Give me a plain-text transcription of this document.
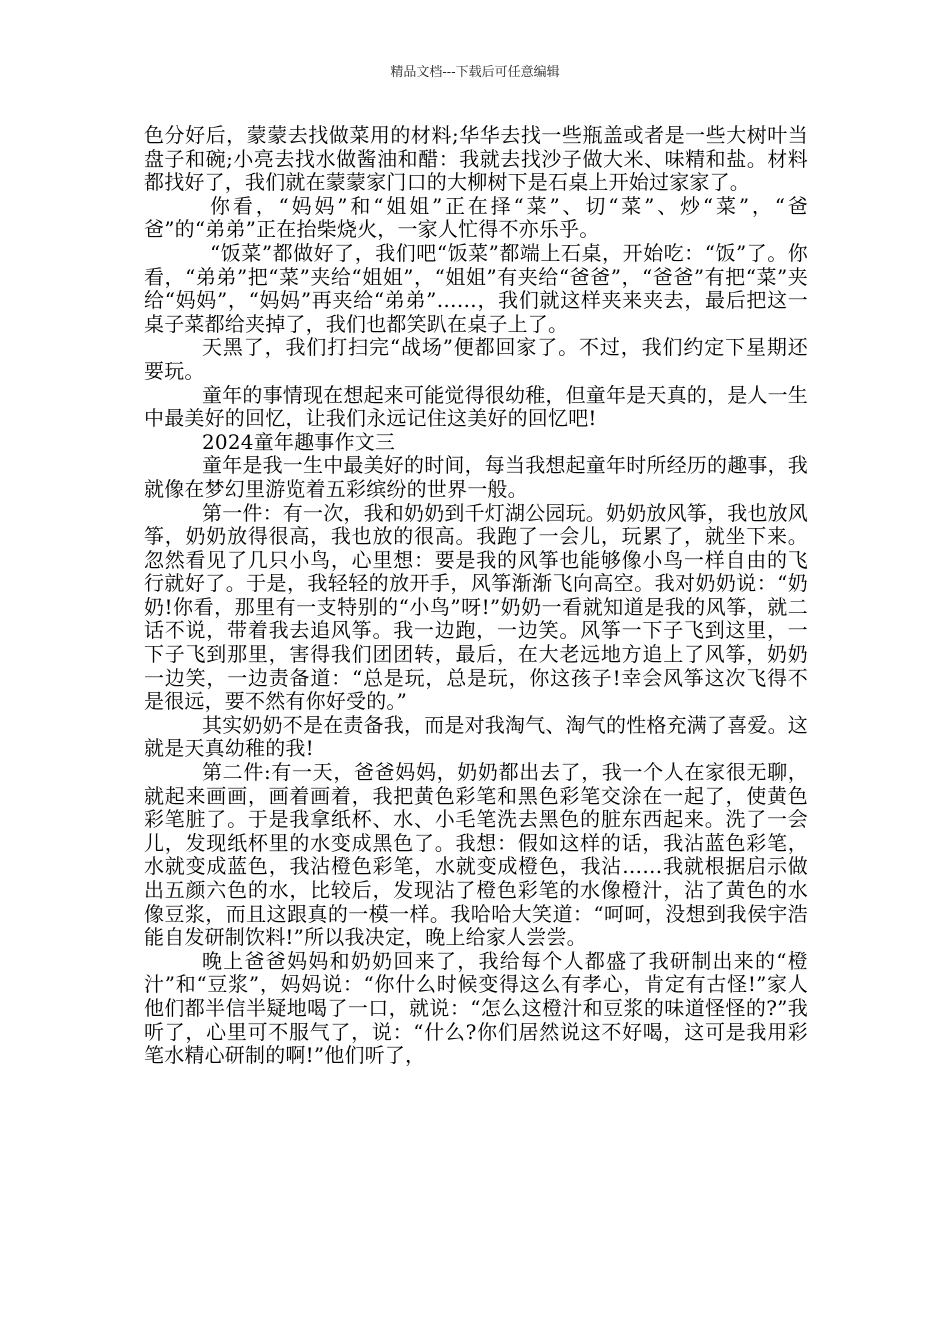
精品文档---下载后可任意编辑

色分好后，蒙蒙去找做菜用的材料;华华去找一些瓶盖或者是一些大树叶当盘子和碗;小亮去找水做酱油和醋：我就去找沙子做大米、味精和盐。材料都找好了，我们就在蒙蒙家门口的大柳树下是石桌上开始过家家了。

你看，“妈妈”和“姐姐”正在择“菜”、切“菜”、炒“菜”，“爸爸”的“弟弟”正在抬柴烧火，一家人忙得不亦乐乎。

“饭菜”都做好了，我们吧“饭菜”都端上石桌，开始吃：“饭”了。你看，“弟弟”把“菜”夹给“姐姐”，“姐姐”有夹给“爸爸”，“爸爸”有把“菜”夹给“妈妈”，“妈妈”再夹给“弟弟”……，我们就这样夹来夹去，最后把这一桌子菜都给夹掉了，我们也都笑趴在桌子上了。

天黑了，我们打扫完“战场”便都回家了。不过，我们约定下星期还要玩。

童年的事情现在想起来可能觉得很幼稚，但童年是天真的，是人一生中最美好的回忆，让我们永远记住这美好的回忆吧!

2024童年趣事作文三

童年是我一生中最美好的时间，每当我想起童年时所经历的趣事，我就像在梦幻里游览着五彩缤纷的世界一般。

第一件：有一次，我和奶奶到千灯湖公园玩。奶奶放风筝，我也放风筝，奶奶放得很高，我也放的很高。我跑了一会儿，玩累了，就坐下来。忽然看见了几只小鸟，心里想：要是我的风筝也能够像小鸟一样自由的飞行就好了。于是，我轻轻的放开手，风筝渐渐飞向高空。我对奶奶说：“奶奶!你看，那里有一支特别的“小鸟”呀!”奶奶一看就知道是我的风筝，就二话不说，带着我去追风筝。我一边跑，一边笑。风筝一下子飞到这里，一下子飞到那里，害得我们团团转，最后，在大老远地方追上了风筝，奶奶一边笑，一边责备道：“总是玩，总是玩，你这孩子!幸会风筝这次飞得不是很远，要不然有你好受的。”

其实奶奶不是在责备我，而是对我淘气、淘气的性格充满了喜爱。这就是天真幼稚的我!

第二件:有一天，爸爸妈妈，奶奶都出去了，我一个人在家很无聊，就起来画画，画着画着，我把黄色彩笔和黑色彩笔交涂在一起了，使黄色彩笔脏了。于是我拿纸杯、水、小毛笔洗去黑色的脏东西起来。洗了一会儿，发现纸杯里的水变成黑色了。我想：假如这样的话，我沾蓝色彩笔，水就变成蓝色，我沾橙色彩笔，水就变成橙色，我沾……我就根据启示做出五颜六色的水，比较后，发现沾了橙色彩笔的水像橙汁，沾了黄色的水像豆浆，而且这跟真的一模一样。我哈哈大笑道：“呵呵，没想到我侯宇浩能自发研制饮料!”所以我决定，晚上给家人尝尝。

晚上爸爸妈妈和奶奶回来了，我给每个人都盛了我研制出来的“橙汁”和“豆浆”，妈妈说：“你什么时候变得这么有孝心，肯定有古怪!”家人他们都半信半疑地喝了一口，就说：“怎么这橙汁和豆浆的味道怪怪的?”我听了，心里可不服气了，说：“什么?你们居然说这不好喝，这可是我用彩笔水精心研制的啊!”他们听了，
